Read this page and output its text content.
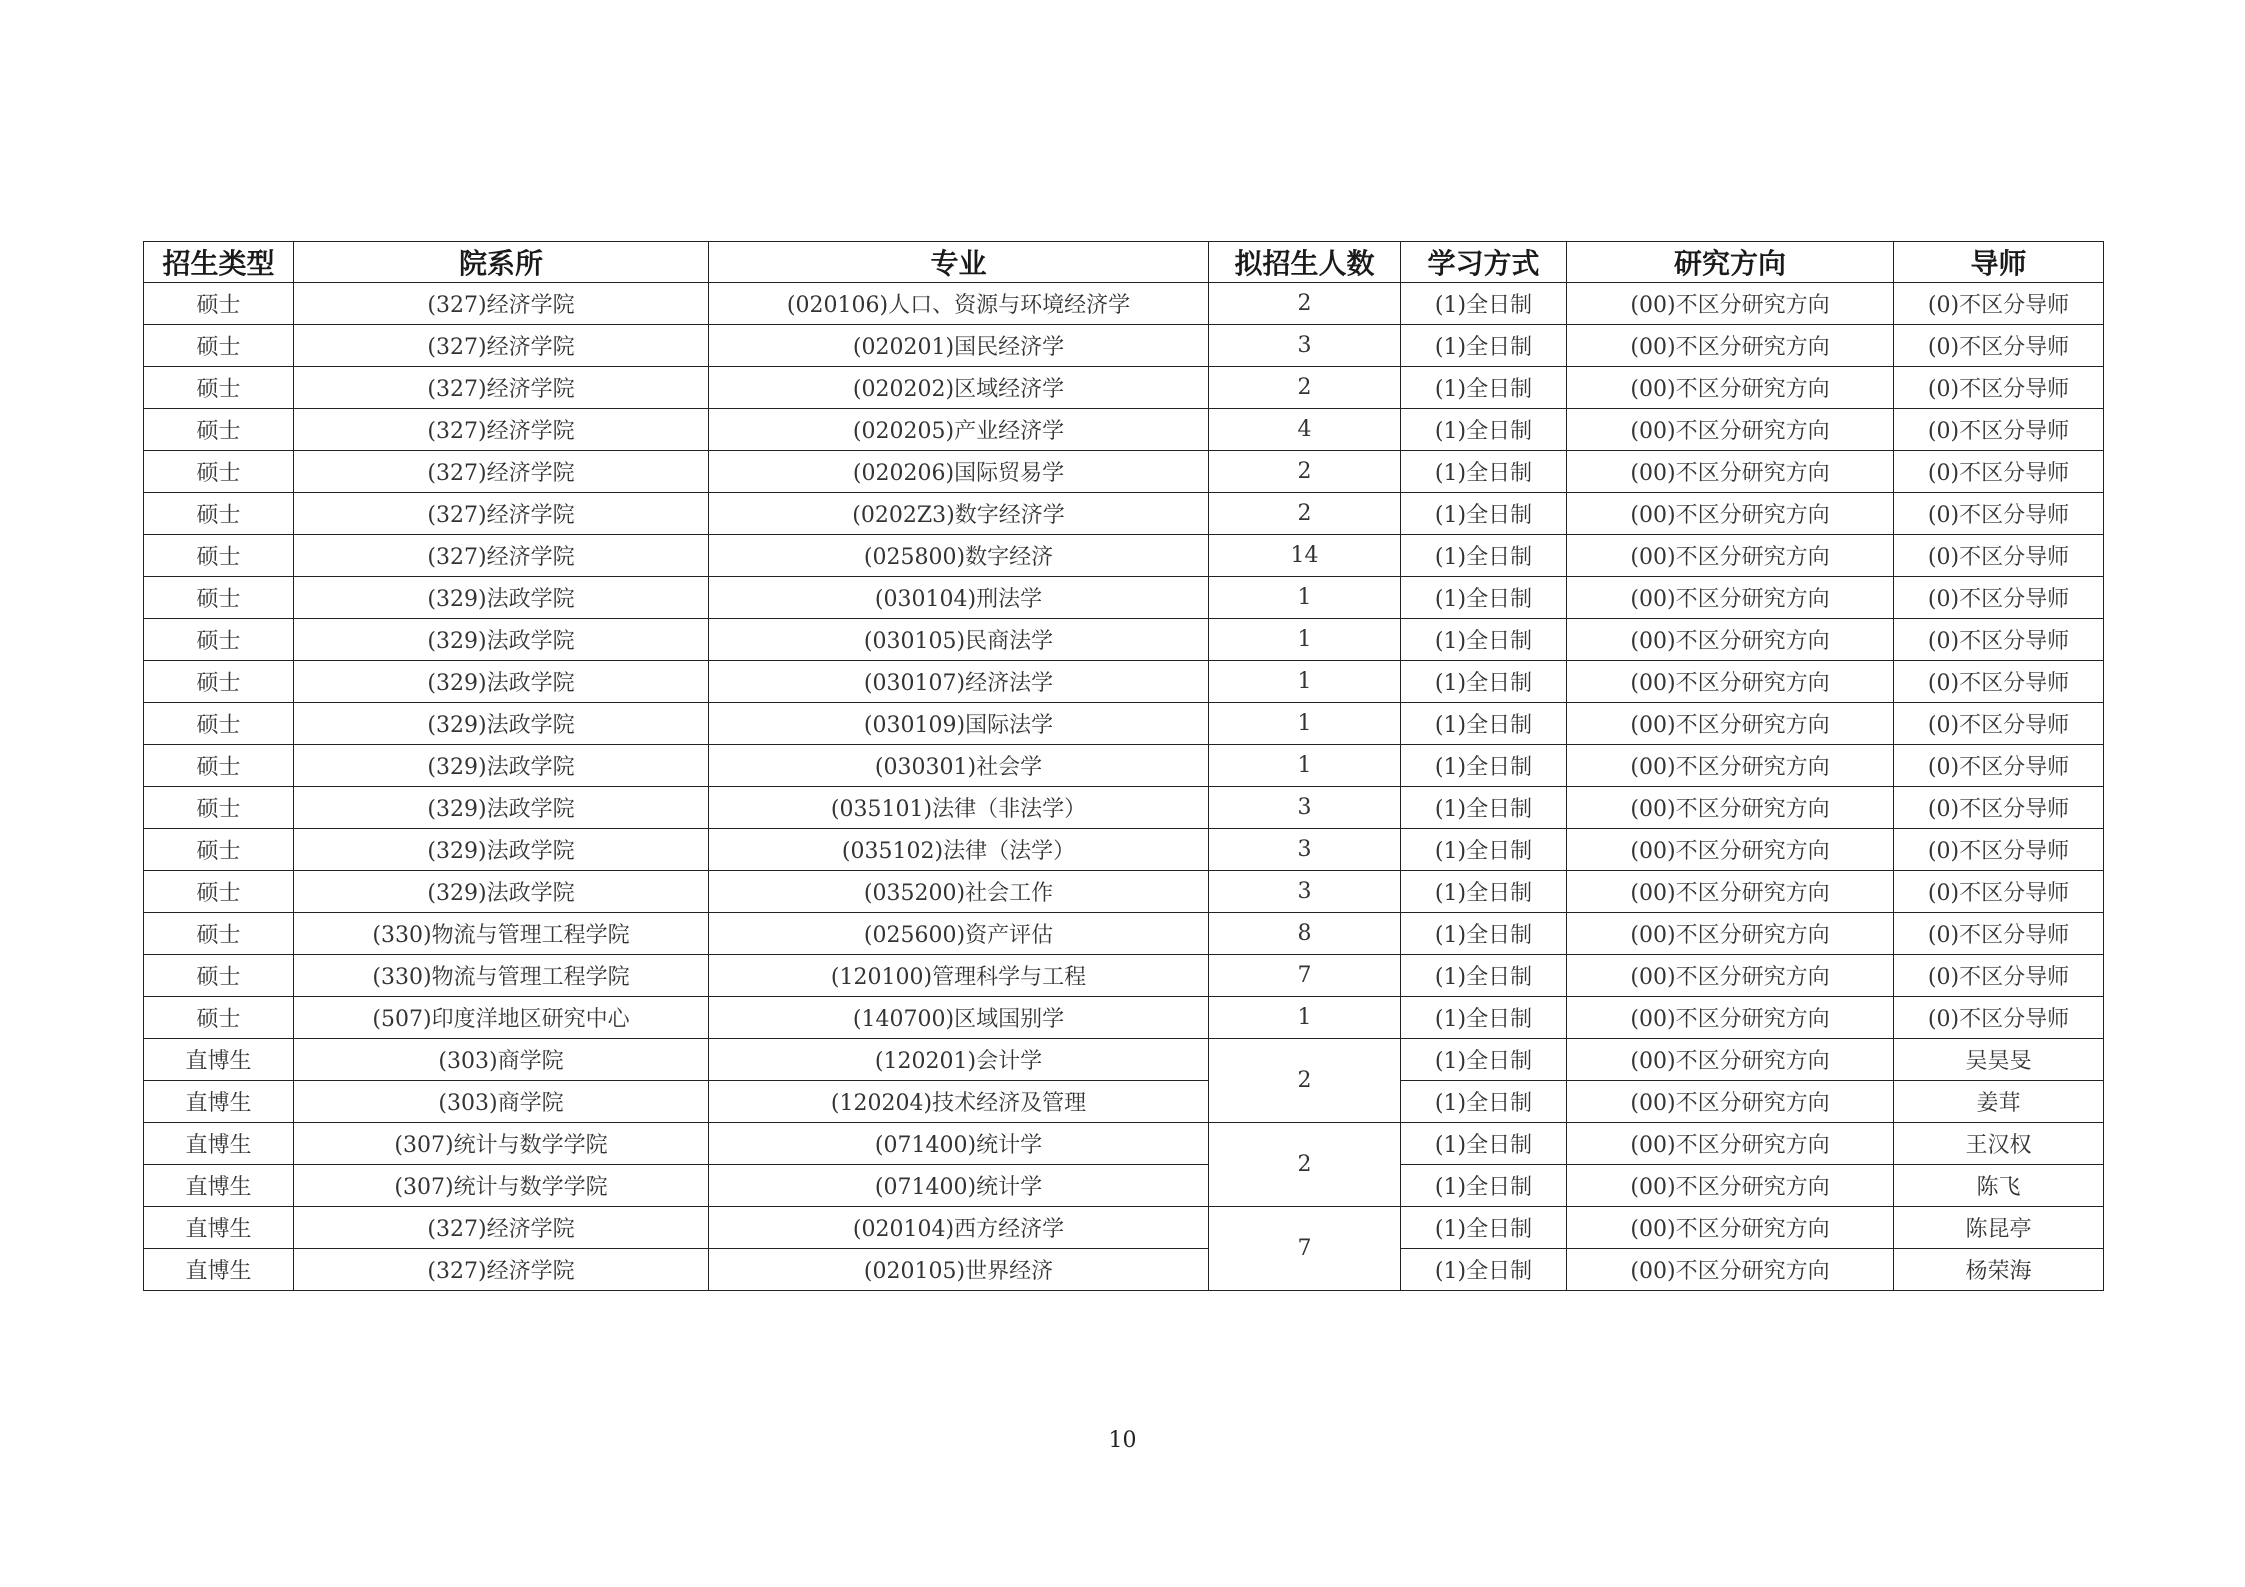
招生类型	院系所	专业	拟招生人数	学习方式	研究方向	导师
硕士	(327)经济学院	(020106)人口、资源与环境经济学	2	(1)全日制	(00)不区分研究方向	(0)不区分导师
硕士	(327)经济学院	(020201)国民经济学	3	(1)全日制	(00)不区分研究方向	(0)不区分导师
硕士	(327)经济学院	(020202)区域经济学	2	(1)全日制	(00)不区分研究方向	(0)不区分导师
硕士	(327)经济学院	(020205)产业经济学	4	(1)全日制	(00)不区分研究方向	(0)不区分导师
硕士	(327)经济学院	(020206)国际贸易学	2	(1)全日制	(00)不区分研究方向	(0)不区分导师
硕士	(327)经济学院	(0202Z3)数字经济学	2	(1)全日制	(00)不区分研究方向	(0)不区分导师
硕士	(327)经济学院	(025800)数字经济	14	(1)全日制	(00)不区分研究方向	(0)不区分导师
硕士	(329)法政学院	(030104)刑法学	1	(1)全日制	(00)不区分研究方向	(0)不区分导师
硕士	(329)法政学院	(030105)民商法学	1	(1)全日制	(00)不区分研究方向	(0)不区分导师
硕士	(329)法政学院	(030107)经济法学	1	(1)全日制	(00)不区分研究方向	(0)不区分导师
硕士	(329)法政学院	(030109)国际法学	1	(1)全日制	(00)不区分研究方向	(0)不区分导师
硕士	(329)法政学院	(030301)社会学	1	(1)全日制	(00)不区分研究方向	(0)不区分导师
硕士	(329)法政学院	(035101)法律（非法学）	3	(1)全日制	(00)不区分研究方向	(0)不区分导师
硕士	(329)法政学院	(035102)法律（法学）	3	(1)全日制	(00)不区分研究方向	(0)不区分导师
硕士	(329)法政学院	(035200)社会工作	3	(1)全日制	(00)不区分研究方向	(0)不区分导师
硕士	(330)物流与管理工程学院	(025600)资产评估	8	(1)全日制	(00)不区分研究方向	(0)不区分导师
硕士	(330)物流与管理工程学院	(120100)管理科学与工程	7	(1)全日制	(00)不区分研究方向	(0)不区分导师
硕士	(507)印度洋地区研究中心	(140700)区域国别学	1	(1)全日制	(00)不区分研究方向	(0)不区分导师
直博生	(303)商学院	(120201)会计学	2	(1)全日制	(00)不区分研究方向	吴昊旻
直博生	(303)商学院	(120204)技术经济及管理		(1)全日制	(00)不区分研究方向	姜茸
直博生	(307)统计与数学学院	(071400)统计学	2	(1)全日制	(00)不区分研究方向	王汉权
直博生	(307)统计与数学学院	(071400)统计学		(1)全日制	(00)不区分研究方向	陈飞
直博生	(327)经济学院	(020104)西方经济学	7	(1)全日制	(00)不区分研究方向	陈昆亭
直博生	(327)经济学院	(020105)世界经济		(1)全日制	(00)不区分研究方向	杨荣海
10
